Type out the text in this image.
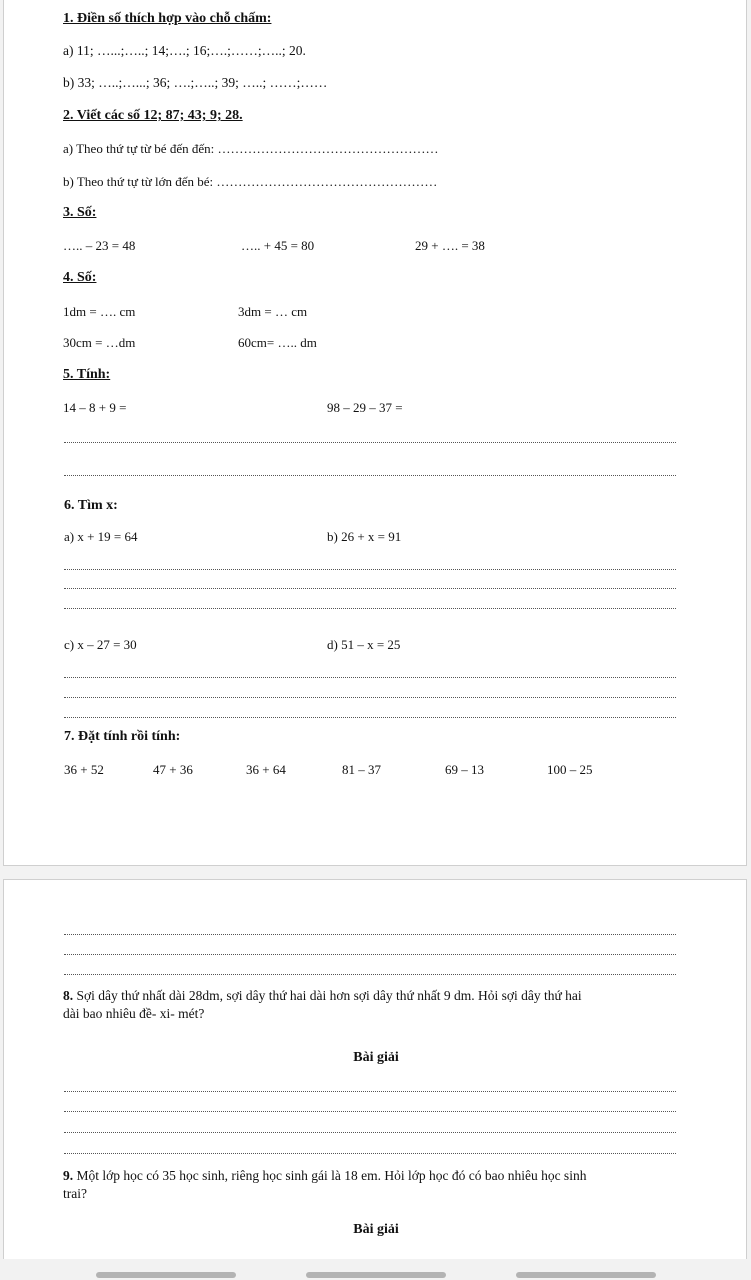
1. Điền số thích hợp vào chỗ chấm:
a) 11; …...;…..; 14;….; 16;….;……;…..; 20.
b) 33; …..;…...; 36; ….;…..; 39; …..; ……;……
2. Viết các số 12; 87; 43; 9; 28.
a) Theo thứ tự từ bé đến đến: ……………………………………………
b) Theo thứ tự từ lớn đến bé: ……………………………………………
3. Số:
….. – 23 = 48	….. + 45 = 80	29 + …. = 38
4. Số:
1dm = …. cm	3dm = … cm
30cm = …dm	60cm= ….. dm
5. Tính:
14 – 8 + 9 =	98 – 29 – 37 =
6. Tìm x:
a) x + 19 = 64	b) 26 + x = 91
c) x – 27 = 30	d) 51 – x = 25
7. Đặt tính rồi tính:
36 + 52	47 + 36	36 + 64	81 – 37	69 – 13	100 – 25
8. Sợi dây thứ nhất dài 28dm, sợi dây thứ hai dài hơn sợi dây thứ nhất 9 dm. Hỏi sợi dây thứ hai
dài bao nhiêu đề- xi- mét?
Bài giải
9. Một lớp học có 35 học sinh, riêng học sinh gái là 18 em. Hỏi lớp học đó có bao nhiêu học sinh
trai?
Bài giải
